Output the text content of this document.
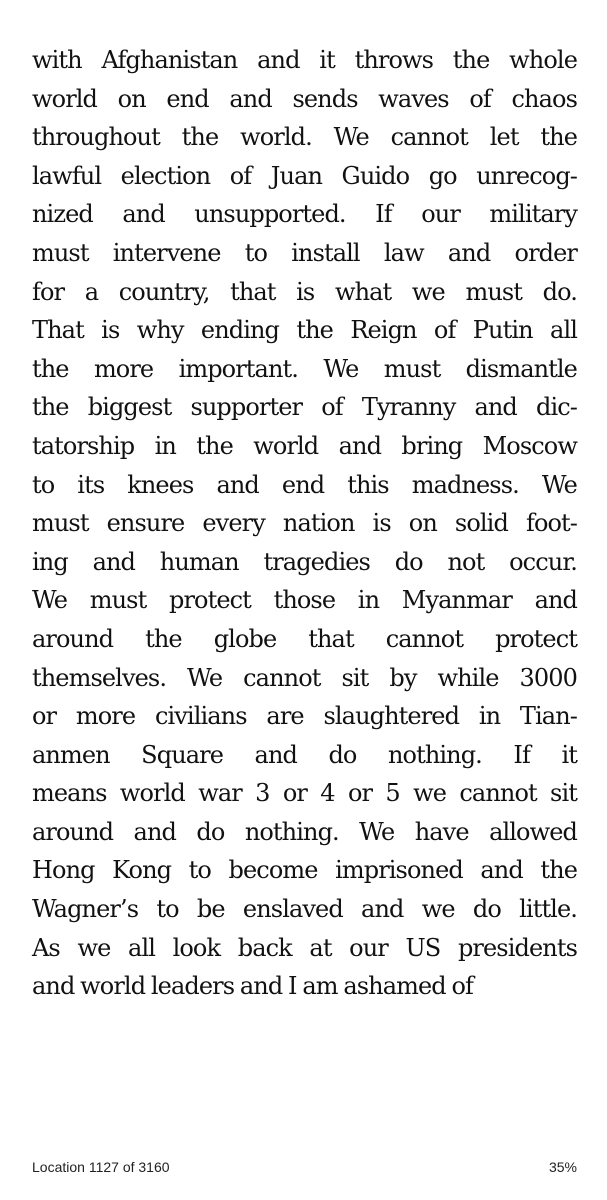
with Afghanistan and it throws the whole
world on end and sends waves of chaos
throughout the world. We cannot let the
lawful election of Juan Guido go unrecog-
nized and unsupported. If our military
must intervene to install law and order
for a country, that is what we must do.
That is why ending the Reign of Putin all
the more important. We must dismantle
the biggest supporter of Tyranny and dic-
tatorship in the world and bring Moscow
to its knees and end this madness. We
must ensure every nation is on solid foot-
ing and human tragedies do not occur.
We must protect those in Myanmar and
around the globe that cannot protect
themselves. We cannot sit by while 3000
or more civilians are slaughtered in Tian-
anmen Square and do nothing. If it
means world war 3 or 4 or 5 we cannot sit
around and do nothing. We have allowed
Hong Kong to become imprisoned and the
Wagner’s to be enslaved and we do little.
As we all look back at our US presidents
and world leaders and I am ashamed of
Location 1127 of 3160	35%
